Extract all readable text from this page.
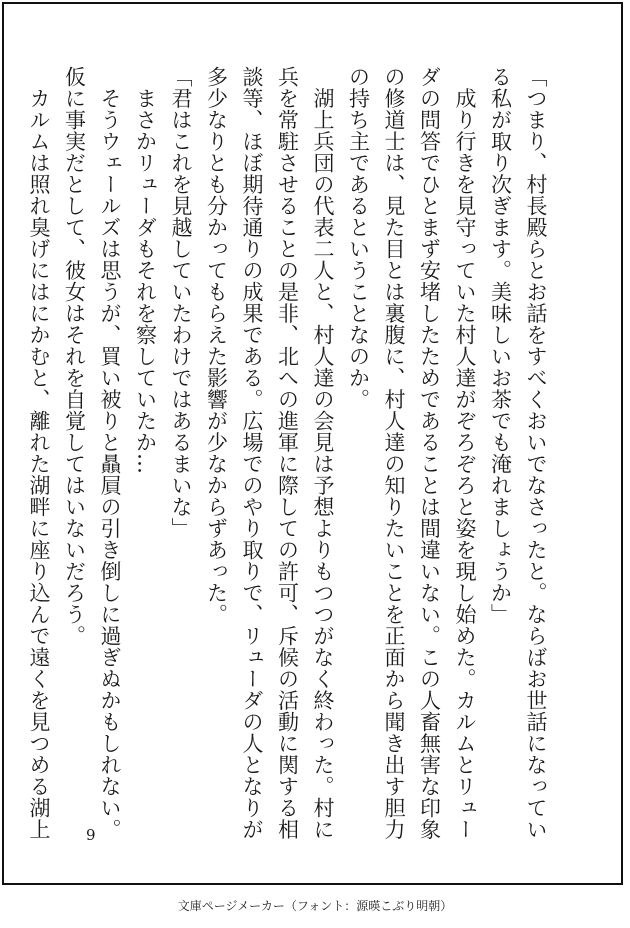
「つまり、村長殿らとお話をすべくおいでなさったと。ならばお世話になってい
る私が取り次ぎます。美味しいお茶でも淹れましょうか」
　成り行きを見守っていた村人達がぞろぞろと姿を現し始めた。カルムとリュー
ダの問答でひとまず安堵したためであることは間違いない。この人畜無害な印象
の修道士は、見た目とは裏腹に、村人達の知りたいことを正面から聞き出す胆力
の持ち主であるということなのか。
　湖上兵団の代表二人と、村人達の会見は予想よりもつつがなく終わった。村に
兵を常駐させることの是非、北への進軍に際しての許可、斥候の活動に関する相
談等、ほぼ期待通りの成果である。広場でのやり取りで、リューダの人となりが
多少なりとも分かってもらえた影響が少なからずあった。
「君はこれを見越していたわけではあるまいな」
　まさかリューダもそれを察していたか…
　そうウェールズは思うが、買い被りと贔屓の引き倒しに過ぎぬかもしれない。
仮に事実だとして、彼女はそれを自覚してはいないだろう。
　カルムは照れ臭げにはにかむと、離れた湖畔に座り込んで遠くを見つめる湖上	9
文庫ページメーカー（フォント：源暎こぶり明朝）
